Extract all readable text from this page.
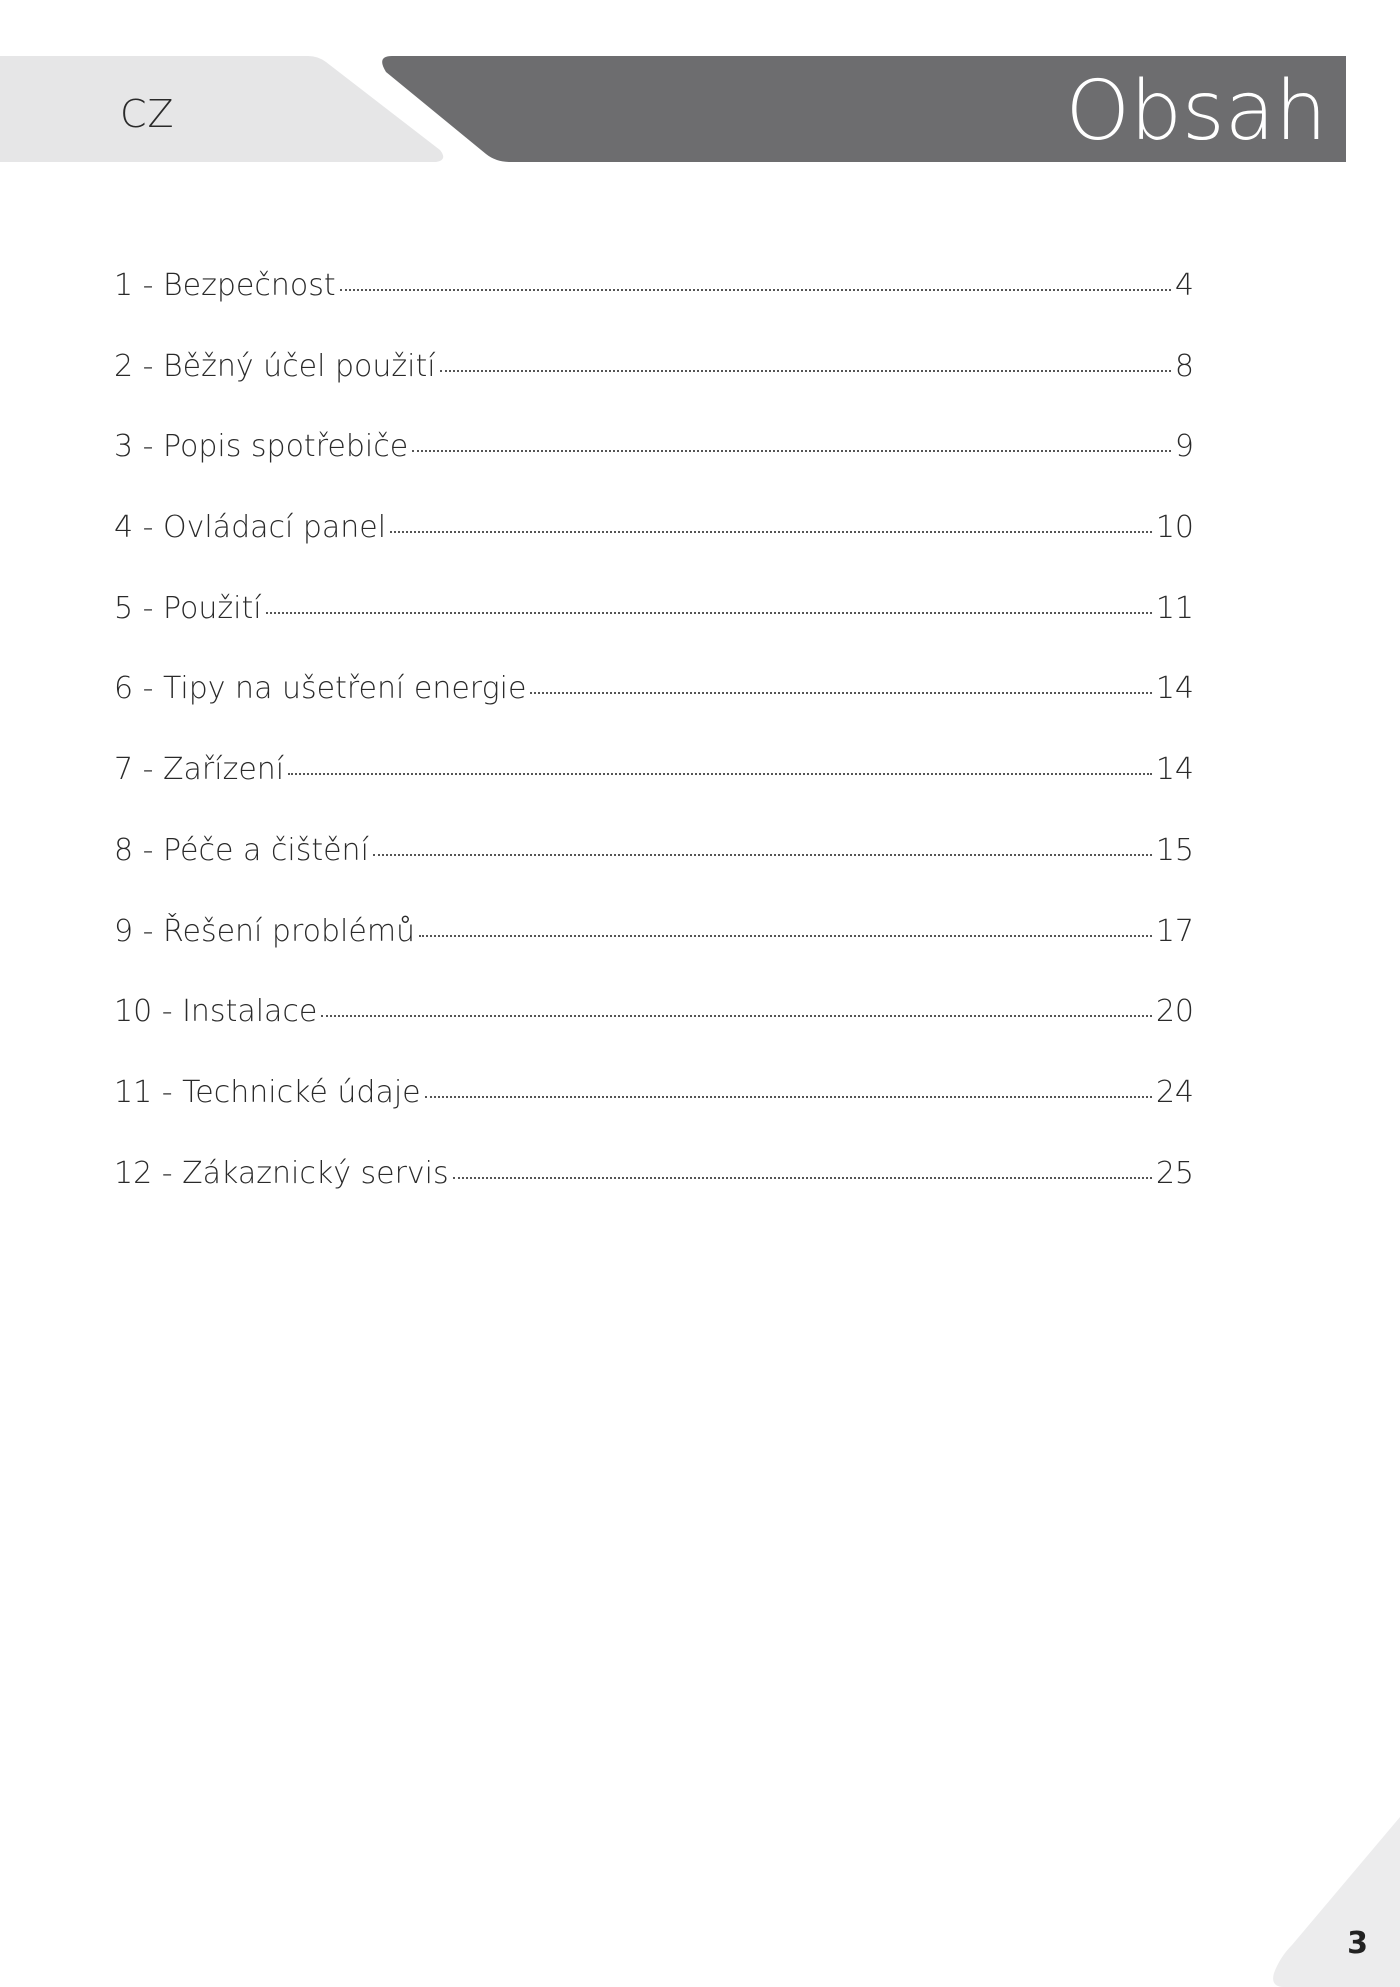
CZ	Obsah
1 - Bezpečnost	4
2 - Běžný účel použití	8
3 - Popis spotřebiče	9
4 - Ovládací panel	10
5 - Použití	11
6 - Tipy na ušetření energie	14
7 - Zařízení	14
8 - Péče a čištění	15
9 - Řešení problémů	17
10 - Instalace	20
11 - Technické údaje	24
12 - Zákaznický servis	25
3
